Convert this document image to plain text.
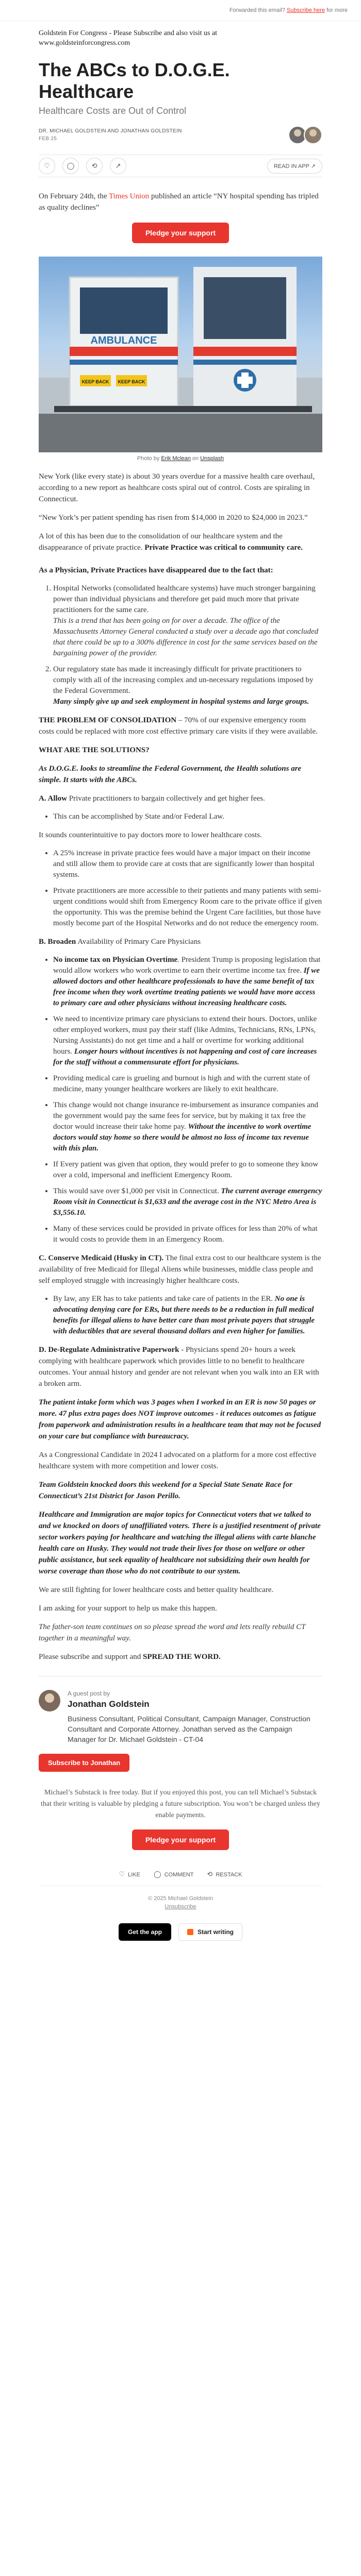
Forwarded this email? Subscribe here for more
Goldstein For Congress - Please Subscribe and also visit us at
www.goldsteinforcongress.com
The ABCs to D.O.G.E. Healthcare
Healthcare Costs are Out of Control
DR. MICHAEL GOLDSTEIN AND JONATHAN GOLDSTEIN
FEB 25
♡	◯	⟲	↗	READ IN APP ↗

On February 24th, the Times Union published an article “NY hospital spending has tripled as quality declines”

Pledge your support
AMBULANCE
KEEP BACK KEEP BACK
Photo by Erik Mclean on Unsplash

New York (like every state) is about 30 years overdue for a massive health care overhaul, according to a new report as healthcare costs spiral out of control. Costs are spiraling in Connecticut.

“New York’s per patient spending has risen from $14,000 in 2020 to $24,000 in 2023.”

A lot of this has been due to the consolidation of our healthcare system and the disappearance of private practice. Private Practice was critical to community care.

As a Physician, Private Practices have disappeared due to the fact that:

1. Hospital Networks (consolidated healthcare systems) have much stronger bargaining power than individual physicians and therefore get paid much more that private practitioners for the same care.
This is a trend that has been going on for over a decade. The office of the Massachusetts Attorney General conducted a study over a decade ago that concluded that there could be up to a 300% difference in cost for the same services based on the bargaining power of the provider.
2. Our regulatory state has made it increasingly difficult for private practitioners to comply with all of the increasing complex and un-necessary regulations imposed by the Federal Government.
Many simply give up and seek employment in hospital systems and large groups.

THE PROBLEM OF CONSOLIDATION – 70% of our expensive emergency room costs could be replaced with more cost effective primary care visits if they were available.

WHAT ARE THE SOLUTIONS?

As D.O.G.E. looks to streamline the Federal Government, the Health solutions are simple. It starts with the ABCs.

A. Allow Private practitioners to bargain collectively and get higher fees.

• This can be accomplished by State and/or Federal Law.

It sounds counterintuitive to pay doctors more to lower healthcare costs.

• A 25% increase in private practice fees would have a major impact on their income and still allow them to provide care at costs that are significantly lower than hospital systems.
• Private practitioners are more accessible to their patients and many patients with semi-urgent conditions would shift from Emergency Room care to the private office if given the opportunity. This was the premise behind the Urgent Care facilities, but those have mostly become part of the Hospital Networks and do not reduce the emergency room.

B. Broaden Availability of Primary Care Physicians

• No income tax on Physician Overtime. President Trump is proposing legislation that would allow workers who work overtime to earn their overtime income tax free. If we allowed doctors and other healthcare professionals to have the same benefit of tax free income when they work overtime treating patients we would have more access to primary care and other physicians without increasing healthcare costs.
• We need to incentivize primary care physicians to extend their hours. Doctors, unlike other employed workers, must pay their staff (like Admins, Technicians, RNs, LPNs, Nursing Assistants) do not get time and a half or overtime for working additional hours. Longer hours without incentives is not happening and cost of care increases for the staff without a commensurate effort for physicians.
• Providing medical care is grueling and burnout is high and with the current state of medicine, many younger healthcare workers are likely to exit healthcare.
• This change would not change insurance re-imbursement as insurance companies and the government would pay the same fees for service, but by making it tax free the doctor would increase their take home pay. Without the incentive to work overtime doctors would stay home so there would be almost no loss of income tax revenue with this plan.
• If Every patient was given that option, they would prefer to go to someone they know over a cold, impersonal and inefficient Emergency Room.
• This would save over $1,000 per visit in Connecticut. The current average emergency Room visit in Connecticut is $1,633 and the average cost in the NYC Metro Area is $3,556.10.
• Many of these services could be provided in private offices for less than 20% of what it would costs to provide them in an Emergency Room.

C. Conserve Medicaid (Husky in CT). The final extra cost to our healthcare system is the availability of free Medicaid for Illegal Aliens while businesses, middle class people and self employed struggle with increasingly higher healthcare costs.

• By law, any ER has to take patients and take care of patients in the ER. No one is advocating denying care for ERs, but there needs to be a reduction in full medical benefits for illegal aliens to have better care than most private payers that struggle with deductibles that are several thousand dollars and even higher for families.

D. De-Regulate Administrative Paperwork - Physicians spend 20+ hours a week complying with healthcare paperwork which provides little to no benefit to healthcare outcomes. Your annual history and gender are not relevant when you walk into an ER with a broken arm.

The patient intake form which was 3 pages when I worked in an ER is now 50 pages or more. 47 plus extra pages does NOT improve outcomes - it reduces outcomes as fatigue from paperwork and administration results in a healthcare team that may not be focused on your care but compliance with bureaucracy.

As a Congressional Candidate in 2024 I advocated on a platform for a more cost effective healthcare system with more competition and lower costs.

Team Goldstein knocked doors this weekend for a Special State Senate Race for Connecticut’s 21st District for Jason Perillo.

Healthcare and Immigration are major topics for Connecticut voters that we talked to and we knocked on doors of unaffiliated voters. There is a justified resentment of private sector workers paying for healthcare and watching the illegal aliens with carte blanche health care on Husky. They would not trade their lives for those on welfare or other public assistance, but seek equality of healthcare not subsidizing their own health for worse coverage than those who do not contribute to our system.

We are still fighting for lower healthcare costs and better quality healthcare.

I am asking for your support to help us make this happen.

The father-son team continues on so please spread the word and lets really rebuild CT together in a meaningful way.

Please subscribe and support and SPREAD THE WORD.

A guest post by
Jonathan Goldstein
Business Consultant, Political Consultant, Campaign Manager, Construction Consultant and Corporate Attorney. Jonathan served as the Campaign Manager for Dr. Michael Goldstein - CT-04
Subscribe to Jonathan

Michael’s Substack is free today. But if you enjoyed this post, you can tell Michael’s Substack that their writing is valuable by pledging a future subscription. You won’t be charged unless they enable payments.

Pledge your support
♡ LIKE ◯ COMMENT ⟲ RESTACK
© 2025 Michael Goldstein
Unsubscribe
Get the app	Start writing
